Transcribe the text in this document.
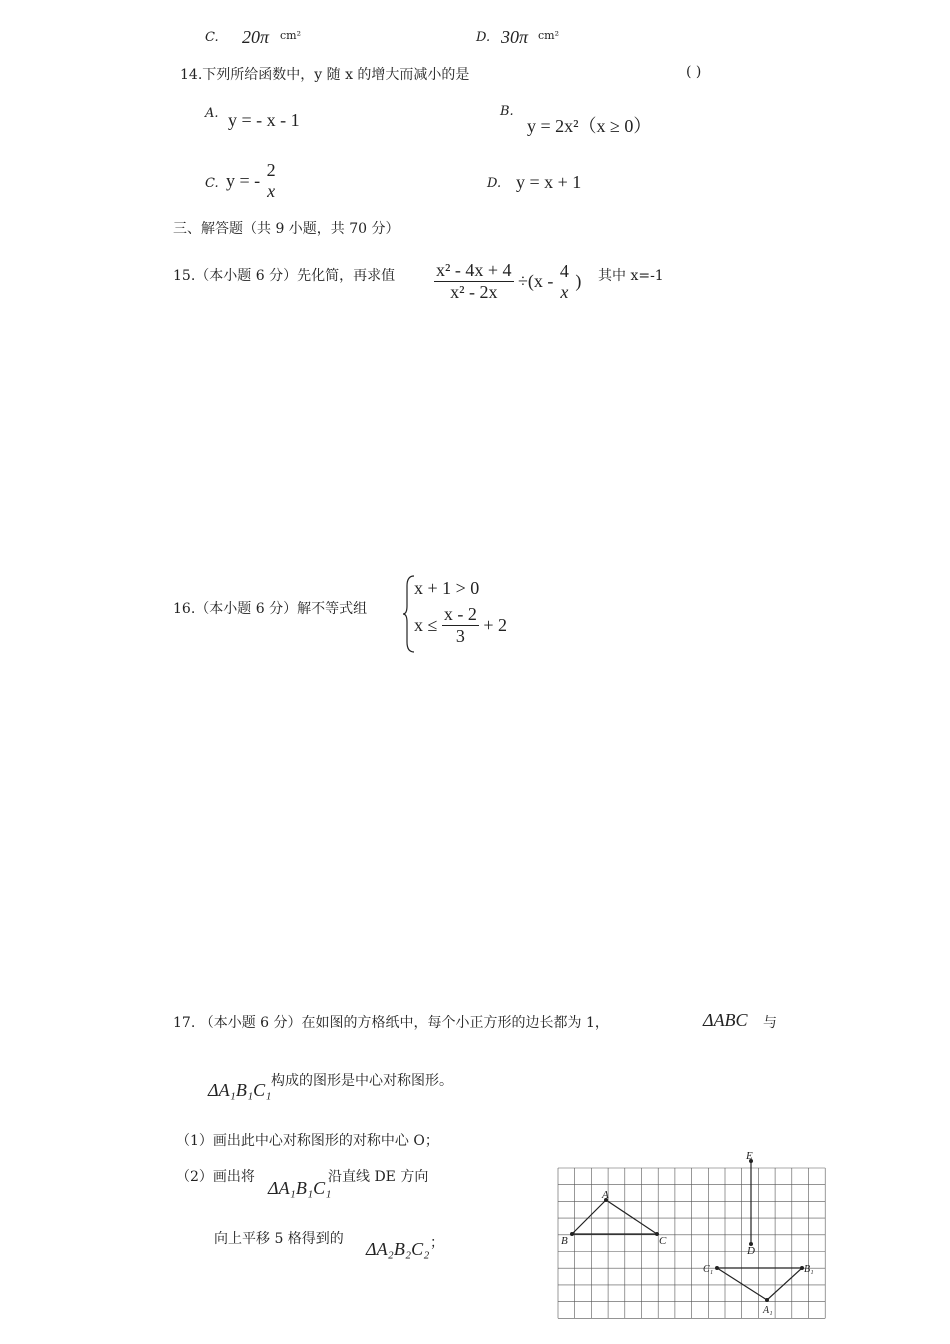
C. 20π cm²	D. 30π cm²
14.下列所给函数中，y 随 x 的增大而减小的是	( )
A. y = - x - 1	B.
y = 2x²（x ≥ 0）
C. y = -
2
x	D. y = x + 1
三、解答题（共 9 小题，共 70 分）
15.（本小题 6 分）先化简，再求值 $\frac{\text{x² - 4x + 4}}{\text{x² - 2x}} \div(x$ -
4
x
) 其中 x=-1
16.（本小题 6 分）解不等式组
x + 1 > 0
$x \le \frac{x - 2}{3} + 2$
17. （本小题 6 分）在如图的方格纸中，每个小正方形的边长都为 1，	ΔABC 与
ΔA₁B₁C₁ 构成的图形是中心对称图形。
（1）画出此中心对称图形的对称中心 O；
（2）画出将
ΔA₁B₁C₁
沿直线 DE 方向
向上平移 5 格得到的 ΔA₂B₂C₂ ；
E
D
A
B	C
A₁
C₁	B₁
